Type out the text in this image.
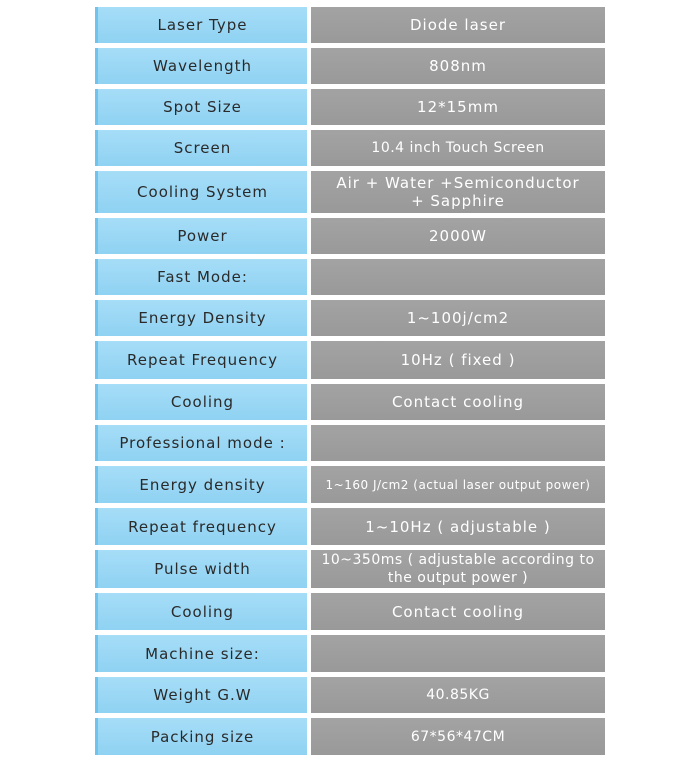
Laser Type	Diode laser
Wavelength	808nm
Spot Size	12*15mm
Screen	10.4 inch Touch Screen
Cooling System	Air + Water +Semiconductor
+ Sapphire
Power	2000W
Fast Mode:
Energy Density	1~100j/cm2
Repeat Frequency	10Hz ( fixed )
Cooling	Contact cooling
Professional mode :
Energy density	1~160 J/cm2 (actual laser output power)
Repeat frequency	1~10Hz ( adjustable )
Pulse width	10~350ms ( adjustable according to
the output power )
Cooling	Contact cooling
Machine size:
Weight G.W	40.85KG
Packing size	67*56*47CM
